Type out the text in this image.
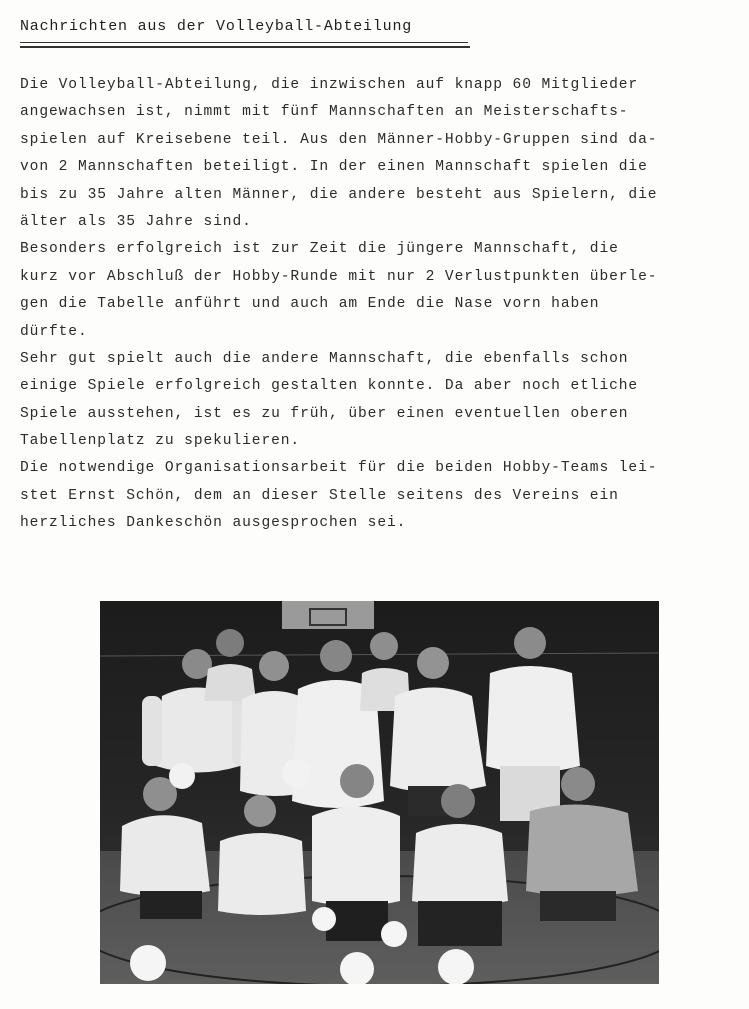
Nachrichten aus der Volleyball-Abteilung
Die Volleyball-Abteilung, die inzwischen auf knapp 60 Mitglieder
angewachsen ist, nimmt mit fünf Mannschaften an Meisterschafts-
spielen auf Kreisebene teil. Aus den Männer-Hobby-Gruppen sind da-
von 2 Mannschaften beteiligt. In der einen Mannschaft spielen die
bis zu 35 Jahre alten Männer, die andere besteht aus Spielern, die
älter als 35 Jahre sind.
Besonders erfolgreich ist zur Zeit die jüngere Mannschaft, die
kurz vor Abschluß der Hobby-Runde mit nur 2 Verlustpunkten überle-
gen die Tabelle anführt und auch am Ende die Nase vorn haben
dürfte.
Sehr gut spielt auch die andere Mannschaft, die ebenfalls schon
einige Spiele erfolgreich gestalten konnte. Da aber noch etliche
Spiele ausstehen, ist es zu früh, über einen eventuellen oberen
Tabellenplatz zu spekulieren.
Die notwendige Organisationsarbeit für die beiden Hobby-Teams lei-
stet Ernst Schön, dem an dieser Stelle seitens des Vereins ein
herzliches Dankeschön ausgesprochen sei.
